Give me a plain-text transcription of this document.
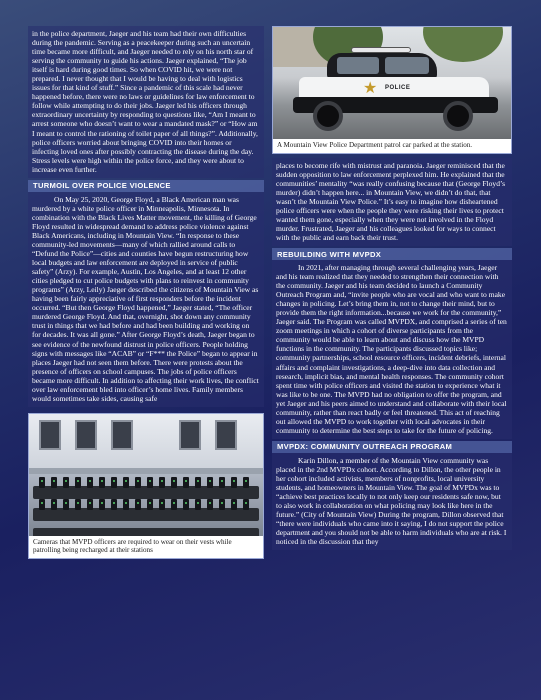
in the police department, Jaeger and his team had their own difficulties during the pandemic. Serving as a peacekeeper during such an uncertain time became more difficult, and Jaeger needed to rely on his north star of serving the community to guide his actions. Jaeger explained, “The job itself is hard during good times. So when COVID hit, we were not prepared. I never thought that I would be having to deal with logistics issues for that kind of stuff.” Since a pandemic of this scale had never happened before, there were no laws or guidelines for law enforcement to follow while attempting to do their jobs. Jaeger led his officers through extraordinary uncertainty by responding to questions like, “Am I meant to arrest someone who doesn’t want to wear a mandated mask?” or “How am I meant to control the rationing of toilet paper of all things?”. Additionally, police officers worried about bringing COVID into their homes or infecting loved ones after possibly contracting the disease during the day. Stress levels were high within the police force, and they were about to increase even further.

TURMOIL OVER POLICE VIOLENCE

On May 25, 2020, George Floyd, a Black American man was murdered by a white police officer in Minneapolis, Minnesota. In combination with the Black Lives Matter movement, the killing of George Floyd resulted in widespread demand to address police violence against Black Americans, including in Mountain View. “In response to these community-led movements—many of which rallied around calls to “Defund the Police”—cities and counties have begun restructuring how local budgets and law enforcement are deployed in service of public safety” (Arzy). For example, Austin, Los Angeles, and at least 12 other cities pledged to cut police budgets with plans to reinvest in community programs” (Arzy, Leily) Jaeger described the citizens of Mountain View as having been fairly appreciative of first responders before the incident occurred. “But then George Floyd happened,” Jaeger stated, “The officer murdered George Floyd. And that, overnight, shot down any community trust in things that we had before and had been building and working on for decades. It was all gone.” After George Floyd’s death, Jaeger began to see evidence of the newfound distrust in police officers. People holding signs with messages like “ACAB” or “F*** the Police” began to appear in places Jaeger had not seen them before. There were protests about the presence of officers on school campuses. The jobs of police officers became more difficult. In addition to affecting their work lives, the conflict over law enforcement bled into officer’s home lives. Family members would sometimes take sides, causing safe

Cameras that MVPD officers are required to wear on their vests while patrolling being recharged at their stations
★ POLICE
A Mountain View Police Department patrol car parked at the station.

places to become rife with mistrust and paranoia. Jaeger reminisced that the sudden opposition to law enforcement perplexed him. He explained that the communities’ mentality “was really confusing because that (George Floyd’s murder) didn’t happen here... in Mountain View, we didn’t do that, that wasn’t the Mountain View Police.” It’s easy to imagine how disheartened police officers were when the people they were risking their lives to protect wanted them gone, especially when they were not involved in the Floyd murder. Frustrated, Jaeger and his colleagues looked for ways to connect with the public and earn back their trust.

REBUILDING WITH MVPDX

In 2021, after managing through several challenging years, Jaeger and his team realized that they needed to strengthen their connection with the community. Jaeger and his team decided to launch a Community Outreach Program and, “invite people who are vocal and who want to make changes in policing. Let’s bring them in, not to change their mind, but to provide them the right information...because we work for the community,” Jaeger said. The Program was called MVPDX, and comprised a series of ten zoom meetings in which a cohort of diverse participants from the community would be able to learn about and discuss how the MVPD functions in the community. The participants discussed topics like; community partnerships, school resource officers, incident debriefs, internal affairs and complaint investigations, a deep-dive into data collection and research, implicit bias, and mental health responses. The community cohort spent time with police officers and visited the station to experience what it was like to be one. The MVPD had no obligation to offer the program, and yet Jaeger and his peers aimed to understand and collaborate with their local community, rather than react badly or feel threatened. This act of reaching out allowed the MVPD to work together with local advocates in their community to determine the best steps to take for the future of policing.

MVPDX: COMMUNITY OUTREACH PROGRAM

Karin Dillon, a member of the Mountain View community was placed in the 2nd MVPDx cohort. According to Dillon, the other people in her cohort included activists, members of nonprofits, local university students, and homeowners in Mountain View. The goal of MVPDx was to “achieve best practices locally to not only keep our residents safe now, but to also work in collaboration on what policing may look like here in the future.” (City of Mountain View) During the program, Dillon observed that “there were individuals who came into it saying, I do not support the police department and you should not be able to harm individuals who are at risk. I noticed in the discussion that they
